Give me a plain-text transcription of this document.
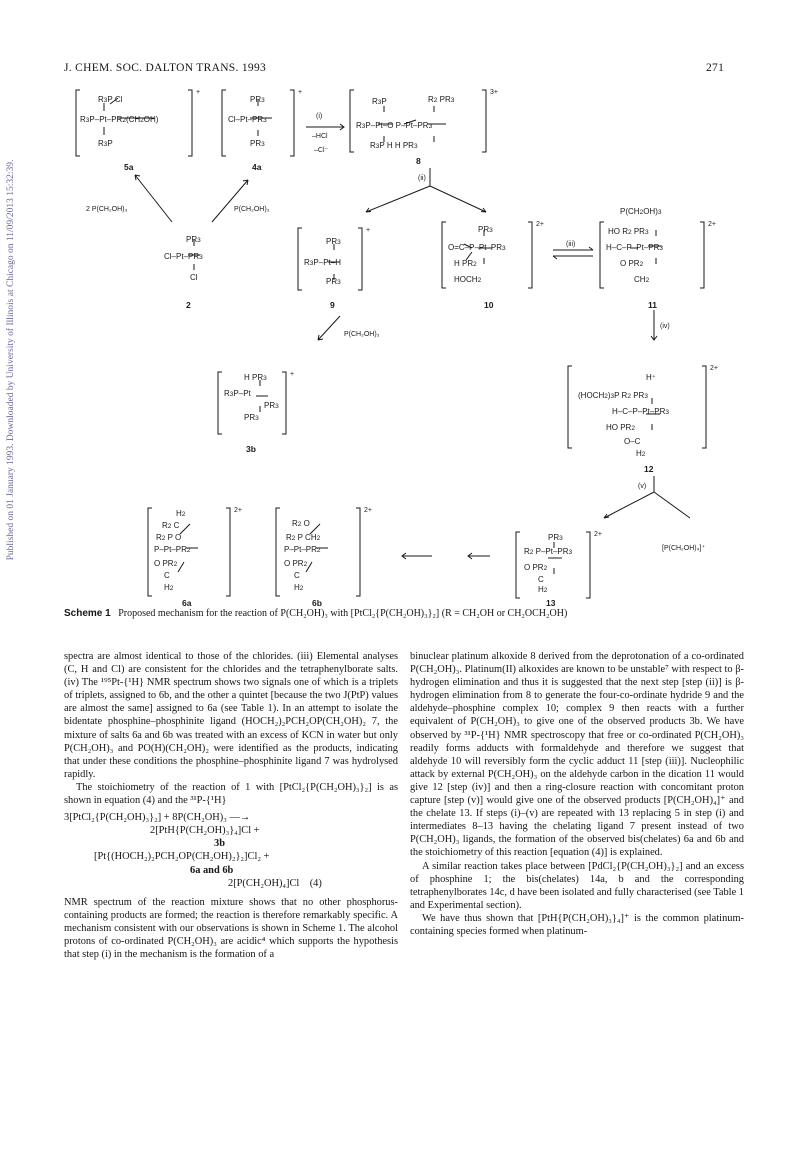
J. CHEM. SOC. DALTON TRANS. 1993	271
Published on 01 January 1993. Downloaded by University of Illinois at Chicago on 11/09/2013 15:32:39.
R3P Cl
R3P–Pt–PR2(CH2OH)
R3P
PR3
Cl–Pt–PR3
PR3
R3P	R2 PR3
R3P–Pt–O P–Pt–PR3
R3P H H PR3
PR3
Cl–Pt–PR3
Cl
PR3
R3P–Pt–H
PR3
PR3
O=C–P–Pt–PR3
H PR2
HOCH2
P(CH2OH)3
HO R2 PR3
H–C–P–Pt–PR3
O PR2
CH2
H PR3
R3P–Pt
PR3
PR3
H⁺
(HOCH2)3P R2 PR3
H–C–P–Pt–PR3
HO PR2
O–C
H2
H2
R2 C
R2 P O
P–Pt–PR2
O PR2
C
H2
R2 O
R2 P CH2
P–Pt–PR2
O PR2
C
H2
PR3
R2 P–Pt–PR3
O PR2
C
H2
+	+	3+
+
2+	2+
+
2+
2+	2+
2+
5a	4a
8
2	9	10	11
3b
12
6a	6b	13
(i)
–HCl
–Cl⁻
(ii)
(iii)
(iv)
(v)
2 P(CH₂OH)₃	P(CH₂OH)₃
P(CH₂OH)₃
[P(CH₂OH)₄]⁺
Scheme 1 Proposed mechanism for the reaction of P(CH₂OH)₃ with [PtCl₂{P(CH₂OH)₃}₂] (R = CH₂OH or CH₂OCH₂OH)

spectra are almost identical to those of the chlorides. (iii) Elemental analyses (C, H and Cl) are consistent for the chlorides and the tetraphenylborate salts. (iv) The ¹⁹⁵Pt-{¹H} NMR spectrum shows two signals one of which is a triplets of triplets, assigned to 6b, and the other a quintet [because the two J(PtP) values are almost the same] assigned to 6a (see Table 1). In an attempt to isolate the bidentate phosphine–phosphinite ligand (HOCH₂)₂PCH₂OP(CH₂OH)₂ 7, the mixture of salts 6a and 6b was treated with an excess of KCN in water but only P(CH₂OH)₃ and PO(H)(CH₂OH)₂ were identified as the products, indicating that under these conditions the phosphine–phosphinite ligand 7 was hydrolysed rapidly.

The stoichiometry of the reaction of 1 with [PtCl₂{P(CH₂OH)₃}₂] is as shown in equation (4) and the ³¹P-{¹H}

3[PtCl₂{P(CH₂OH)₃}₂] + 8P(CH₂OH)₃ —→
2[PtH{P(CH₂OH)₃}₄]Cl +
3b
[Pt{(HOCH₂)₂PCH₂OP(CH₂OH)₂}₂]Cl₂ +
6a and 6b
2[P(CH₂OH)₄]Cl (4)

NMR spectrum of the reaction mixture shows that no other phosphorus-containing products are formed; the reaction is therefore remarkably specific. A mechanism consistent with our observations is shown in Scheme 1. The alcohol protons of co-ordinated P(CH₂OH)₃ are acidic⁴ which supports the hypothesis that step (i) in the mechanism is the formation of a

binuclear platinum alkoxide 8 derived from the deprotonation of a co-ordinated P(CH₂OH)₃. Platinum(II) alkoxides are known to be unstable⁷ with respect to β-hydrogen elimination and thus it is suggested that the next step [step (ii)] is β-hydrogen elimination from 8 to generate the four-co-ordinate hydride 9 and the aldehyde–phosphine complex 10; complex 9 then reacts with a further equivalent of P(CH₂OH)₃ to give one of the observed products 3b. We have observed by ³¹P-{¹H} NMR spectroscopy that free or co-ordinated P(CH₂OH)₃ readily forms adducts with formaldehyde and therefore we suggest that aldehyde 10 will reversibly form the cyclic adduct 11 [step (iii)]. Nucleophilic attack by external P(CH₂OH)₃ on the aldehyde carbon in the dication 11 would give 12 [step (iv)] and then a ring-closure reaction with concomitant proton capture [step (v)] would give one of the observed products [P(CH₂OH)₄]⁺ and the chelate 13. If steps (i)–(v) are repeated with 13 replacing 5 in step (i) and intermediates 8–13 having the chelating ligand 7 present instead of two P(CH₂OH)₃ ligands, the formation of the observed bis(chelates) 6a and 6b and the stoichiometry of this reaction [equation (4)] is explained.

A similar reaction takes place between [PdCl₂{P(CH₂OH)₃}₂] and an excess of phosphine 1; the bis(chelates) 14a, b and the corresponding tetraphenylborates 14c, d have been isolated and fully characterised (see Table 1 and Experimental section).

We have thus shown that [PtH{P(CH₂OH)₃}₄]⁺ is the common platinum-containing species formed when platinum-
